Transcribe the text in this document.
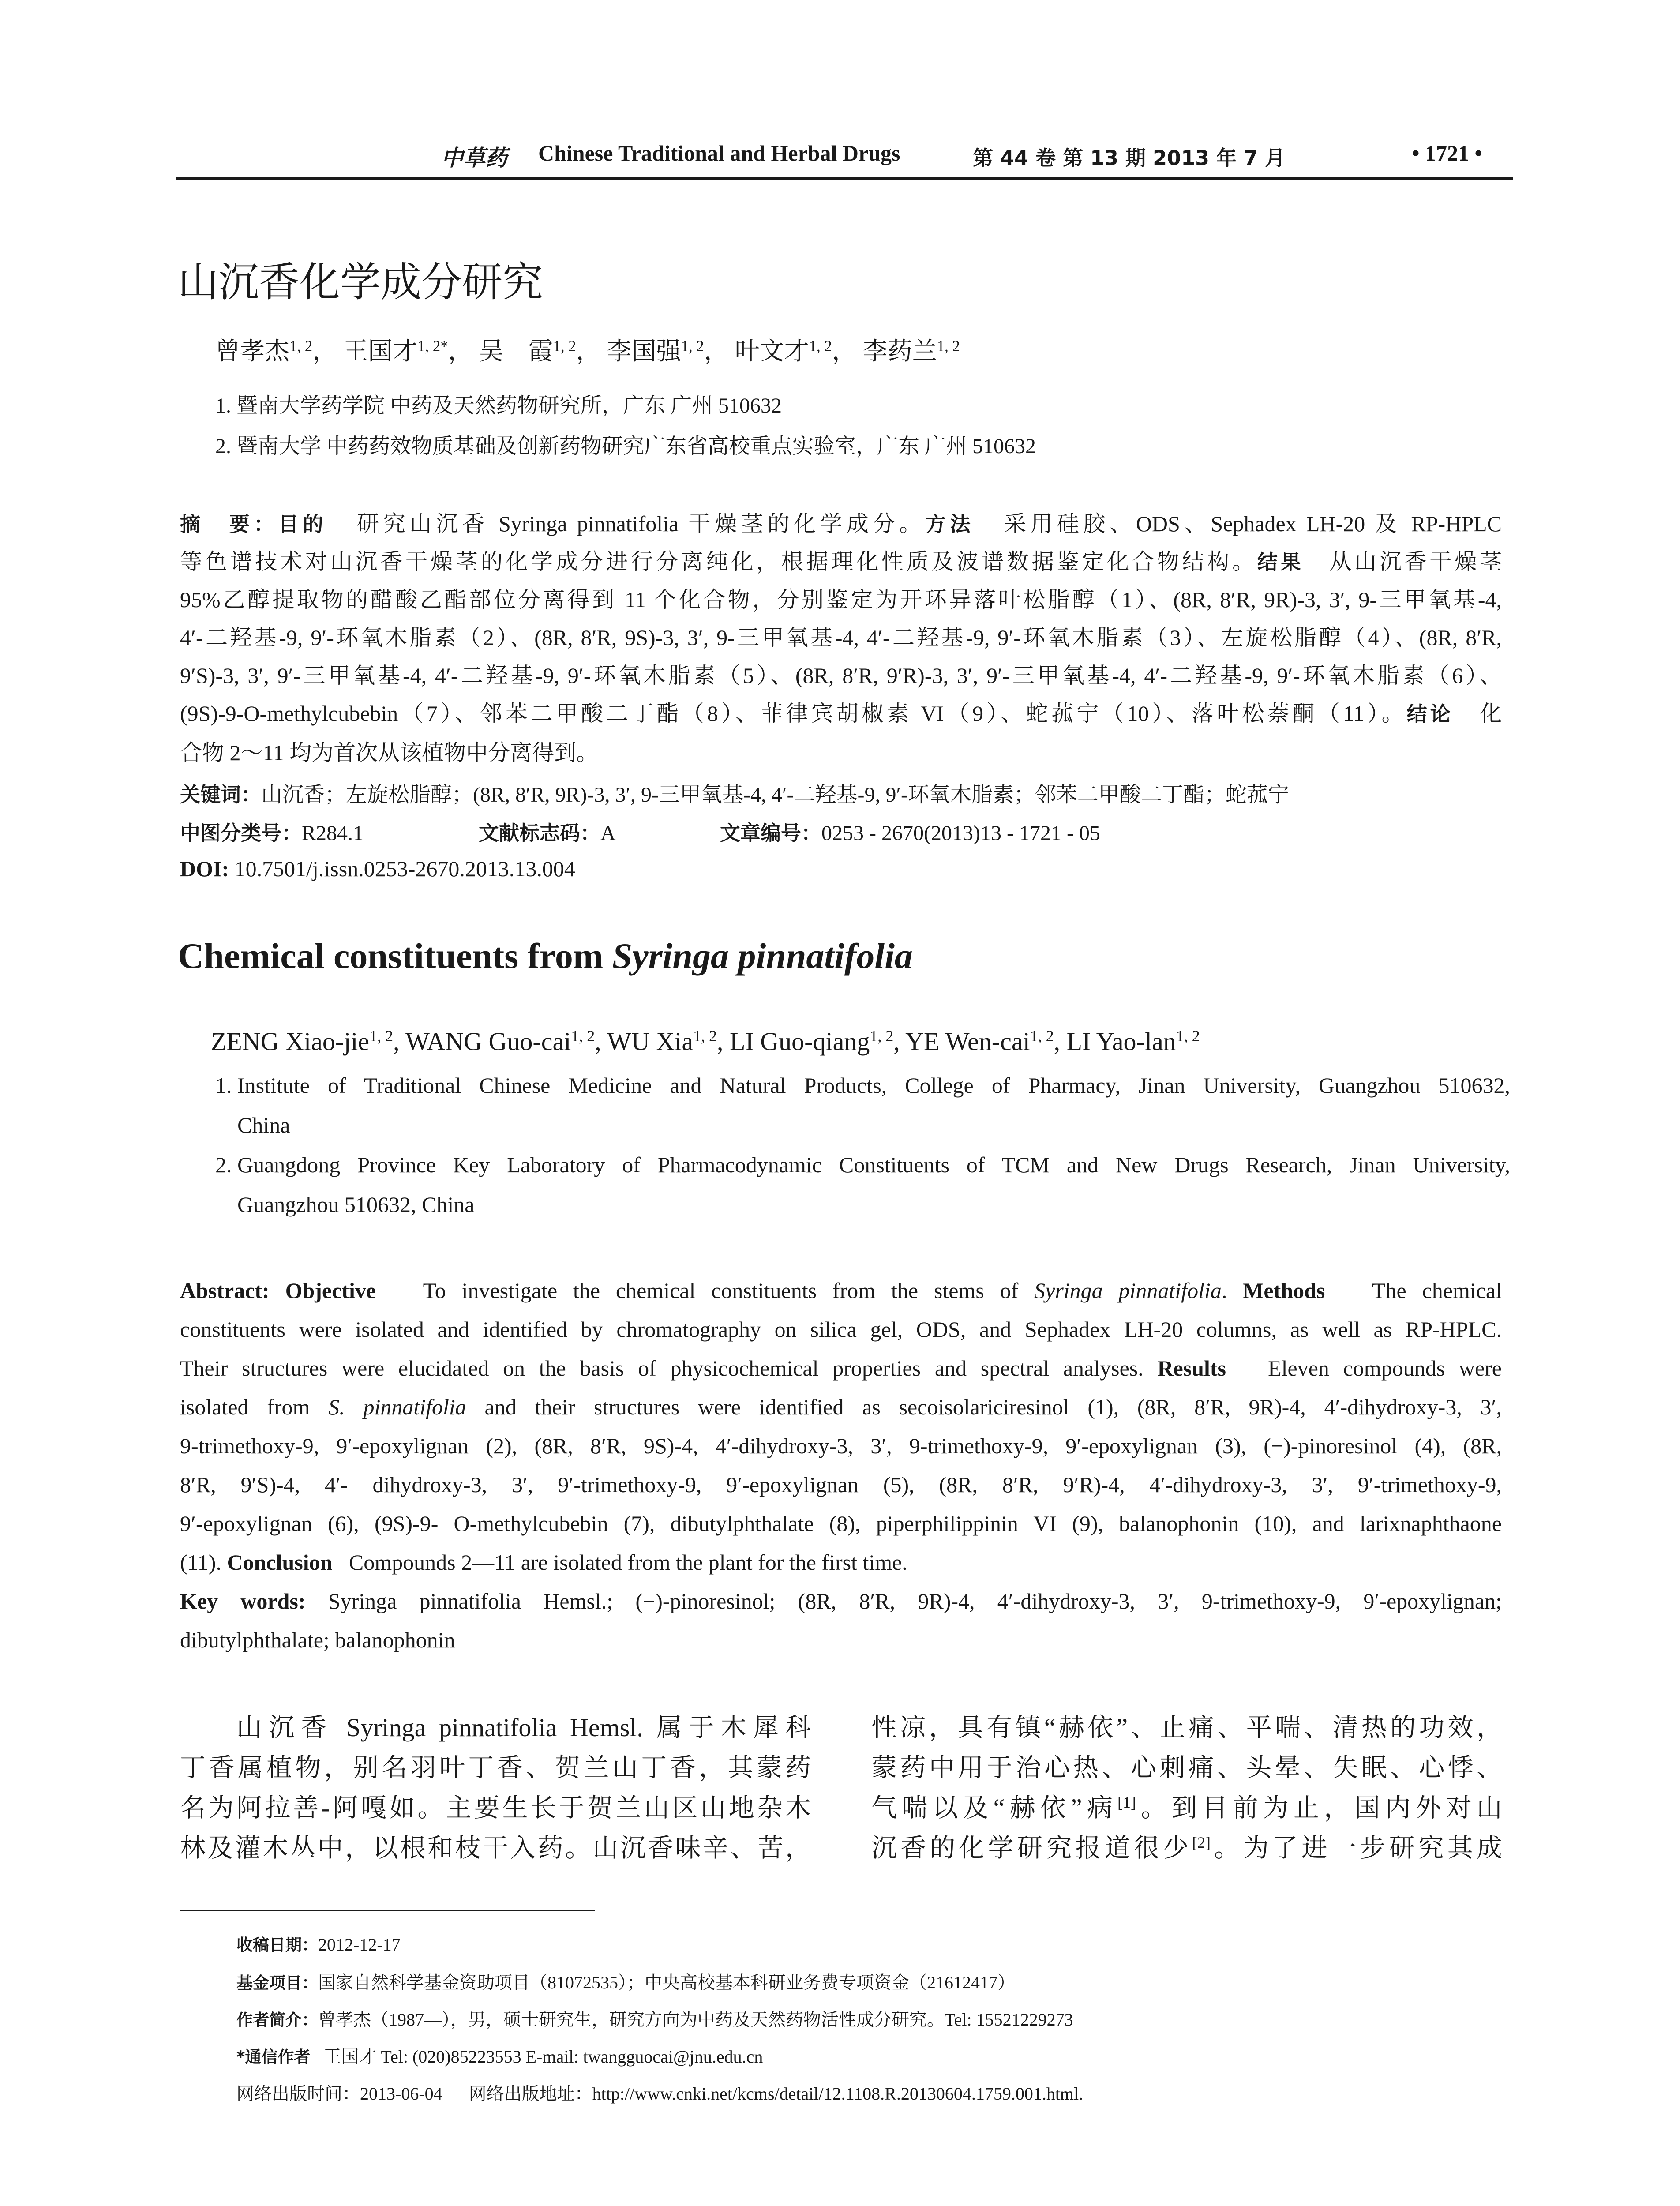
中草药 Chinese Traditional and Herbal Drugs	第 44 卷 第 13 期 2013 年 7 月	• 1721 •
山沉香化学成分研究
曾孝杰$^{1, 2}$， 王国才$^{1, 2*}$， 吴　霞$^{1, 2}$， 李国强$^{1, 2}$， 叶文才$^{1, 2}$， 李药兰$^{1, 2}$
1. 暨南大学药学院 中药及天然药物研究所，广东 广州 510632
2. 暨南大学 中药药效物质基础及创新药物研究广东省高校重点实验室，广东 广州 510632
摘　要：目的 研究山沉香 Syringa pinnatifolia 干燥茎的化学成分。方法 采用硅胶、ODS、Sephadex LH-20 及 RP-HPLC
等色谱技术对山沉香干燥茎的化学成分进行分离纯化，根据理化性质及波谱数据鉴定化合物结构。结果 从山沉香干燥茎
95%乙醇提取物的醋酸乙酯部位分离得到 11 个化合物，分别鉴定为开环异落叶松脂醇（1）、(8R, 8′R, 9R)-3, 3′, 9-三甲氧基-4,
4′-二羟基-9, 9′-环氧木脂素（2）、(8R, 8′R, 9S)-3, 3′, 9-三甲氧基-4, 4′-二羟基-9, 9′-环氧木脂素（3）、左旋松脂醇（4）、(8R, 8′R,
9′S)-3, 3′, 9′-三甲氧基-4, 4′-二羟基-9, 9′-环氧木脂素（5）、(8R, 8′R, 9′R)-3, 3′, 9′-三甲氧基-4, 4′-二羟基-9, 9′-环氧木脂素（6）、
(9S)-9-O-methylcubebin（7）、邻苯二甲酸二丁酯（8）、菲律宾胡椒素 VI（9）、蛇菰宁（10）、落叶松萘酮（11）。结论 化
合物 2～11 均为首次从该植物中分离得到。
关键词：山沉香；左旋松脂醇；(8R, 8′R, 9R)-3, 3′, 9-三甲氧基-4, 4′-二羟基-9, 9′-环氧木脂素；邻苯二甲酸二丁酯；蛇菰宁
中图分类号：R284.1	文献标志码：A	文章编号：0253 - 2670(2013)13 - 1721 - 05
DOI: 10.7501/j.issn.0253-2670.2013.13.004
Chemical constituents from Syringa pinnatifolia
ZENG Xiao-jie$^{1, 2}$, WANG Guo-cai$^{1, 2}$, WU Xia$^{1, 2}$, LI Guo-qiang$^{1, 2}$, YE Wen-cai$^{1, 2}$, LI Yao-lan$^{1, 2}$
1. Institute of Traditional Chinese Medicine and Natural Products, College of Pharmacy, Jinan University, Guangzhou 510632,
China
2. Guangdong Province Key Laboratory of Pharmacodynamic Constituents of TCM and New Drugs Research, Jinan University,
Guangzhou 510632, China
Abstract: Objective To investigate the chemical constituents from the stems of Syringa pinnatifolia. Methods The chemical
constituents were isolated and identified by chromatography on silica gel, ODS, and Sephadex LH-20 columns, as well as RP-HPLC.
Their structures were elucidated on the basis of physicochemical properties and spectral analyses. Results Eleven compounds were
isolated from S. pinnatifolia and their structures were identified as secoisolariciresinol (1), (8R, 8′R, 9R)-4, 4′-dihydroxy-3, 3′,
9-trimethoxy-9, 9′-epoxylignan (2), (8R, 8′R, 9S)-4, 4′-dihydroxy-3, 3′, 9-trimethoxy-9, 9′-epoxylignan (3), (−)-pinoresinol (4), (8R,
8′R, 9′S)-4, 4′- dihydroxy-3, 3′, 9′-trimethoxy-9, 9′-epoxylignan (5), (8R, 8′R, 9′R)-4, 4′-dihydroxy-3, 3′, 9′-trimethoxy-9,
9′-epoxylignan (6), (9S)-9- O-methylcubebin (7), dibutylphthalate (8), piperphilippinin VI (9), balanophonin (10), and larixnaphthaone
(11). Conclusion Compounds 2—11 are isolated from the plant for the first time.
Key words: Syringa pinnatifolia Hemsl.; (−)-pinoresinol; (8R, 8′R, 9R)-4, 4′-dihydroxy-3, 3′, 9-trimethoxy-9, 9′-epoxylignan;
dibutylphthalate; balanophonin
山沉香 Syringa pinnatifolia Hemsl. 属于木犀科
丁香属植物，别名羽叶丁香、贺兰山丁香，其蒙药
名为阿拉善-阿嘎如。主要生长于贺兰山区山地杂木
林及灌木丛中，以根和枝干入药。山沉香味辛、苦，
性凉，具有镇“赫依”、止痛、平喘、清热的功效，
蒙药中用于治心热、心刺痛、头晕、失眠、心悸、
气喘以及“赫依”病[1]。到目前为止，国内外对山
沉香的化学研究报道很少[2]。为了进一步研究其成
收稿日期：2012-12-17
基金项目：国家自然科学基金资助项目（81072535）；中央高校基本科研业务费专项资金（21612417）
作者简介：曾孝杰（1987—），男，硕士研究生，研究方向为中药及天然药物活性成分研究。Tel: 15521229273
*通信作者 王国才 Tel: (020)85223553 E-mail: twangguocai@jnu.edu.cn
网络出版时间：2013-06-04 网络出版地址：http://www.cnki.net/kcms/detail/12.1108.R.20130604.1759.001.html.
